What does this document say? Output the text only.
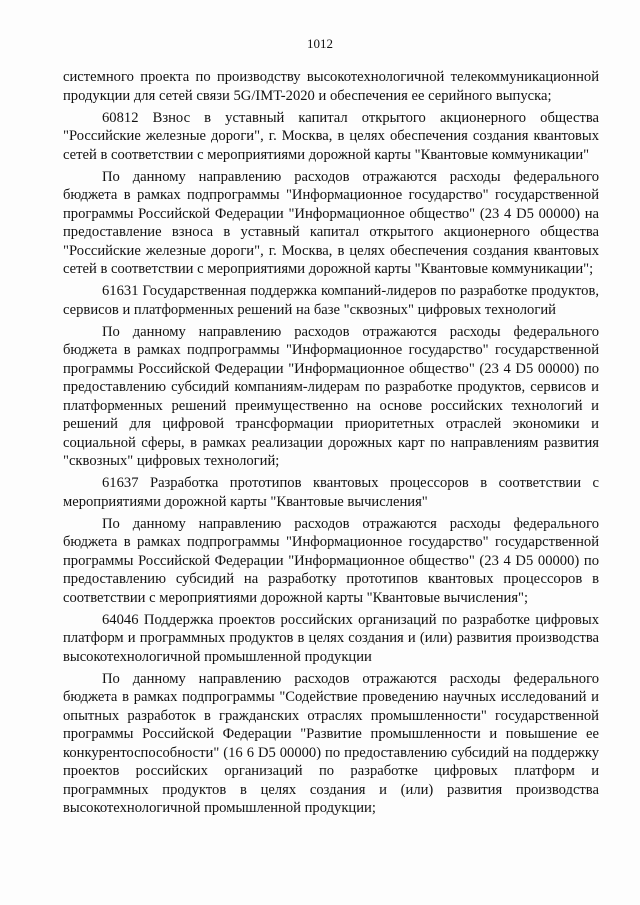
1012

системного проекта по производству высокотехнологичной телекоммуникационной продукции для сетей связи 5G/IMT-2020 и обеспечения ее серийного выпуска;

60812 Взнос в уставный капитал открытого акционерного общества "Российские железные дороги", г. Москва, в целях обеспечения создания квантовых сетей в соответствии с мероприятиями дорожной карты "Квантовые коммуникации"

По данному направлению расходов отражаются расходы федерального бюджета в рамках подпрограммы "Информационное государство" государственной программы Российской Федерации "Информационное общество" (23 4 D5 00000) на предоставление взноса в уставный капитал открытого акционерного общества "Российские железные дороги", г. Москва, в целях обеспечения создания квантовых сетей в соответствии с мероприятиями дорожной карты "Квантовые коммуникации";

61631 Государственная поддержка компаний-лидеров по разработке продуктов, сервисов и платформенных решений на базе "сквозных" цифровых технологий

По данному направлению расходов отражаются расходы федерального бюджета в рамках подпрограммы "Информационное государство" государственной программы Российской Федерации "Информационное общество" (23 4 D5 00000) по предоставлению субсидий компаниям-лидерам по разработке продуктов, сервисов и платформенных решений преимущественно на основе российских технологий и решений для цифровой трансформации приоритетных отраслей экономики и социальной сферы, в рамках реализации дорожных карт по направлениям развития "сквозных" цифровых технологий;

61637 Разработка прототипов квантовых процессоров в соответствии с мероприятиями дорожной карты "Квантовые вычисления"

По данному направлению расходов отражаются расходы федерального бюджета в рамках подпрограммы "Информационное государство" государственной программы Российской Федерации "Информационное общество" (23 4 D5 00000) по предоставлению субсидий на разработку прототипов квантовых процессоров в соответствии с мероприятиями дорожной карты "Квантовые вычисления";

64046 Поддержка проектов российских организаций по разработке цифровых платформ и программных продуктов в целях создания и (или) развития производства высокотехнологичной промышленной продукции

По данному направлению расходов отражаются расходы федерального бюджета в рамках подпрограммы "Содействие проведению научных исследований и опытных разработок в гражданских отраслях промышленности" государственной программы Российской Федерации "Развитие промышленности и повышение ее конкурентоспособности" (16 6 D5 00000) по предоставлению субсидий на поддержку проектов российских организаций по разработке цифровых платформ и программных продуктов в целях создания и (или) развития производства высокотехнологичной промышленной продукции;
